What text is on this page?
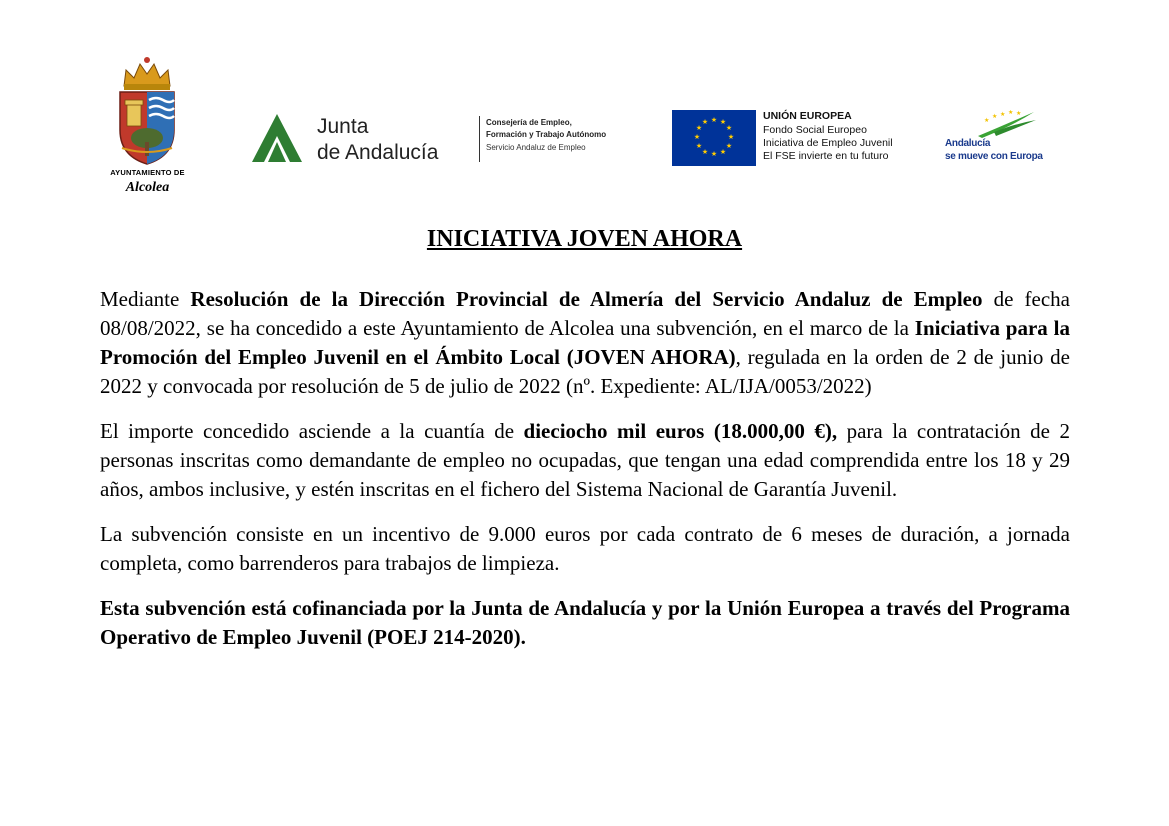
AYUNTAMIENTO DE
Alcolea
Junta
de Andalucía
Consejería de Empleo,
Formación y Trabajo Autónomo
Servicio Andaluz de Empleo
★ ★
★
★
★
★
★
★
★
★
★
★	UNIÓN EUROPEA
Fondo Social Europeo
Iniciativa de Empleo Juvenil
El FSE invierte en tu futuro
★
★ ★ ★ ★
Andalucía
se mueve con Europa
INICIATIVA JOVEN AHORA

Mediante Resolución de la Dirección Provincial de Almería del Servicio Andaluz de Empleo de fecha 08/08/2022, se ha concedido a este Ayuntamiento de Alcolea una subvención, en el marco de la Iniciativa para la Promoción del Empleo Juvenil en el Ámbito Local (JOVEN AHORA), regulada en la orden de 2 de junio de 2022 y convocada por resolución de 5 de julio de 2022 (nº. Expediente: AL/IJA/0053/2022)

El importe concedido asciende a la cuantía de dieciocho mil euros (18.000,00 €), para la contratación de 2 personas inscritas como demandante de empleo no ocupadas, que tengan una edad comprendida entre los 18 y 29 años, ambos inclusive, y estén inscritas en el fichero del Sistema Nacional de Garantía Juvenil.

La subvención consiste en un incentivo de 9.000 euros por cada contrato de 6 meses de duración, a jornada completa, como barrenderos para trabajos de limpieza.

Esta subvención está cofinanciada por la Junta de Andalucía y por la Unión Europea a través del Programa Operativo de Empleo Juvenil (POEJ 214-2020).
